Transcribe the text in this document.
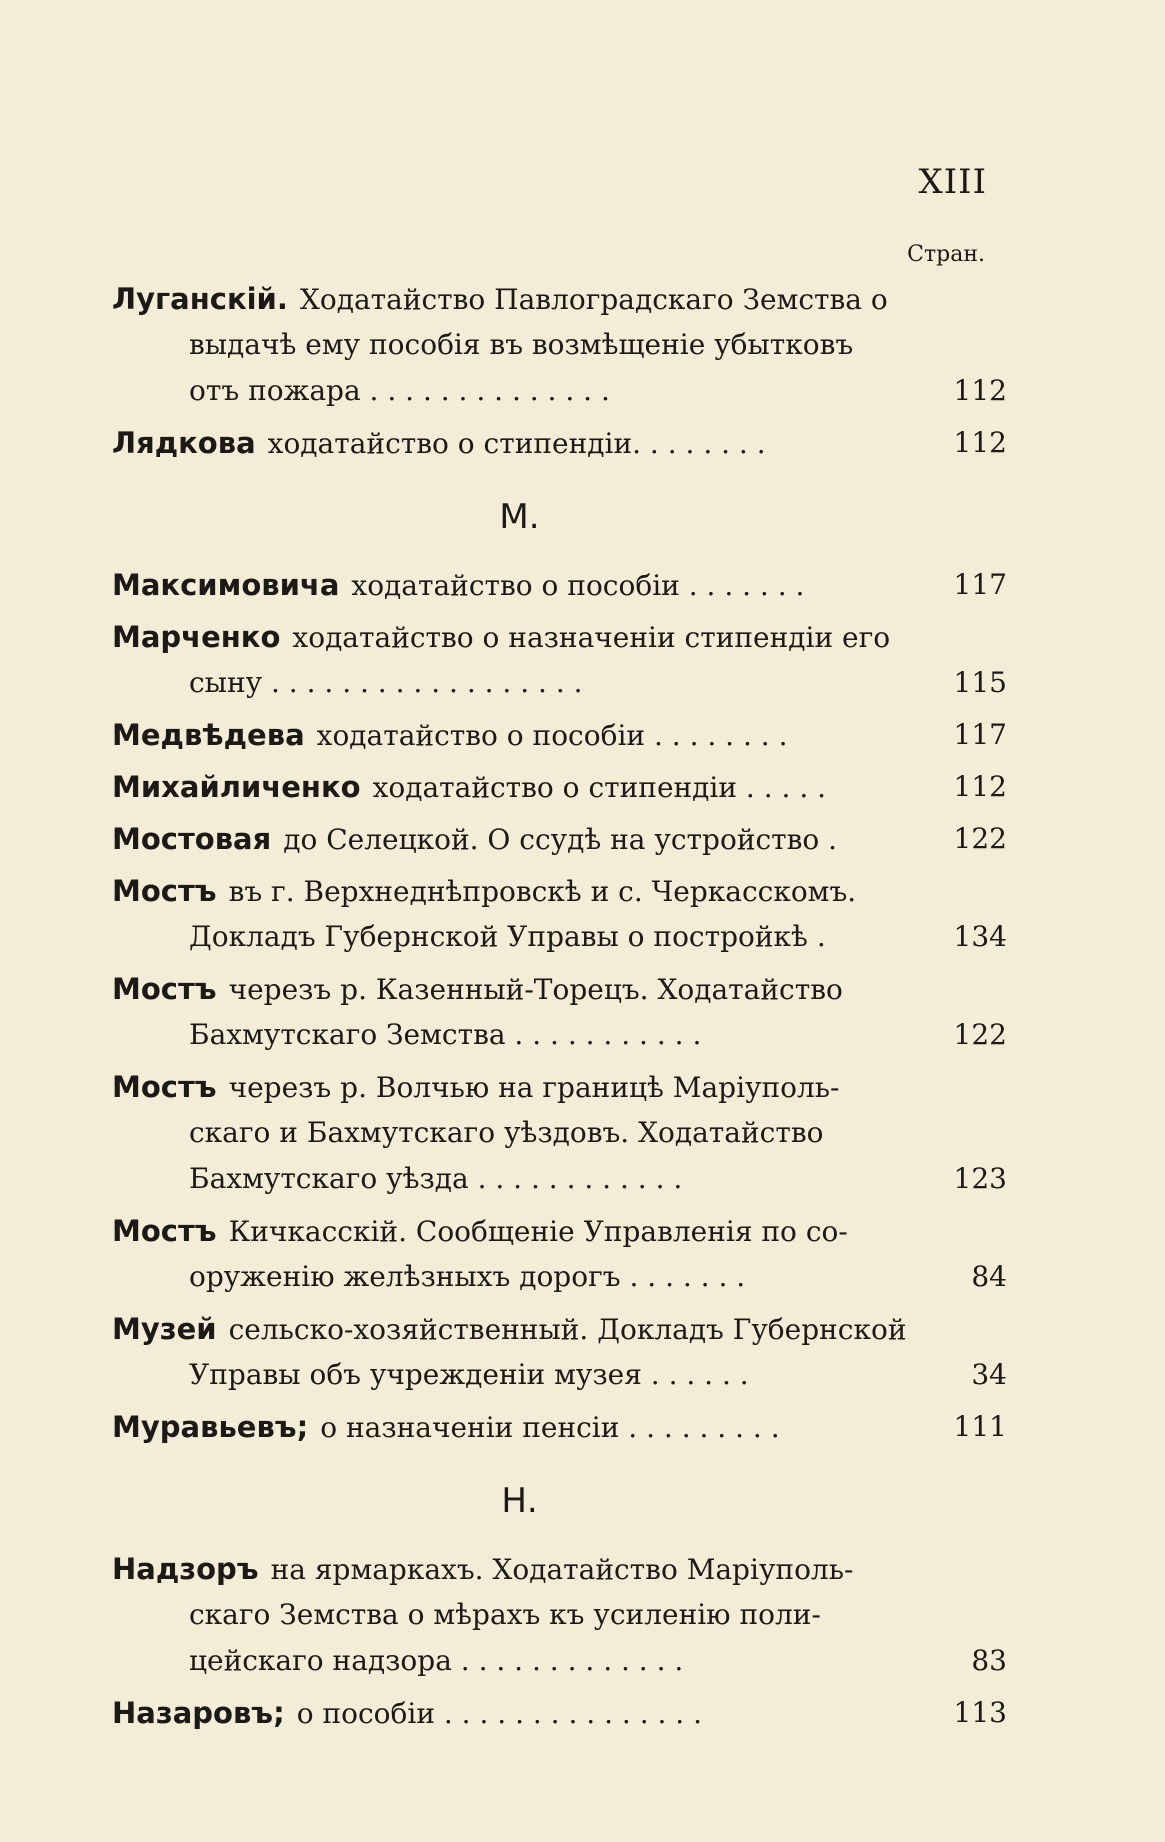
XIII
Стран.
Луганскій. Ходатайство Павлоградскаго Земства о
выдачѣ ему пособія въ возмѣщеніе убытковъ
отъ пожара . . . . . . . . . . . . . .	112
Лядкова ходатайство о стипендіи. . . . . . . .	112
М.
Максимовича ходатайство о пособіи . . . . . . .	117
Марченко ходатайство о назначеніи стипендіи его
сыну . . . . . . . . . . . . . . . . . .	115
Медвѣдева ходатайство о пособіи . . . . . . . .	117
Михайличенко ходатайство о стипендіи . . . . .	112
Мостовая до Селецкой. О ссудѣ на устройство .	122
Мостъ въ г. Верхнеднѣпровскѣ и с. Черкасскомъ.
Докладъ Губернской Управы о постройкѣ .	134
Мостъ черезъ р. Казенный-Торецъ. Ходатайство
Бахмутскаго Земства . . . . . . . . . . .	122
Мостъ черезъ р. Волчью на границѣ Маріуполь-
скаго и Бахмутскаго уѣздовъ. Ходатайство
Бахмутскаго уѣзда . . . . . . . . . . . .	123
Мостъ Кичкасскій. Сообщеніе Управленія по со-
оруженію желѣзныхъ дорогъ . . . . . . .	84
Музей сельско-хозяйственный. Докладъ Губернской
Управы объ учрежденіи музея . . . . . .	34
Муравьевъ; о назначеніи пенсіи . . . . . . . . .	111
Н.
Надзоръ на ярмаркахъ. Ходатайство Маріуполь-
скаго Земства о мѣрахъ къ усиленію поли-
цейскаго надзора . . . . . . . . . . . . .	83
Назаровъ; о пособіи . . . . . . . . . . . . . . .	113
